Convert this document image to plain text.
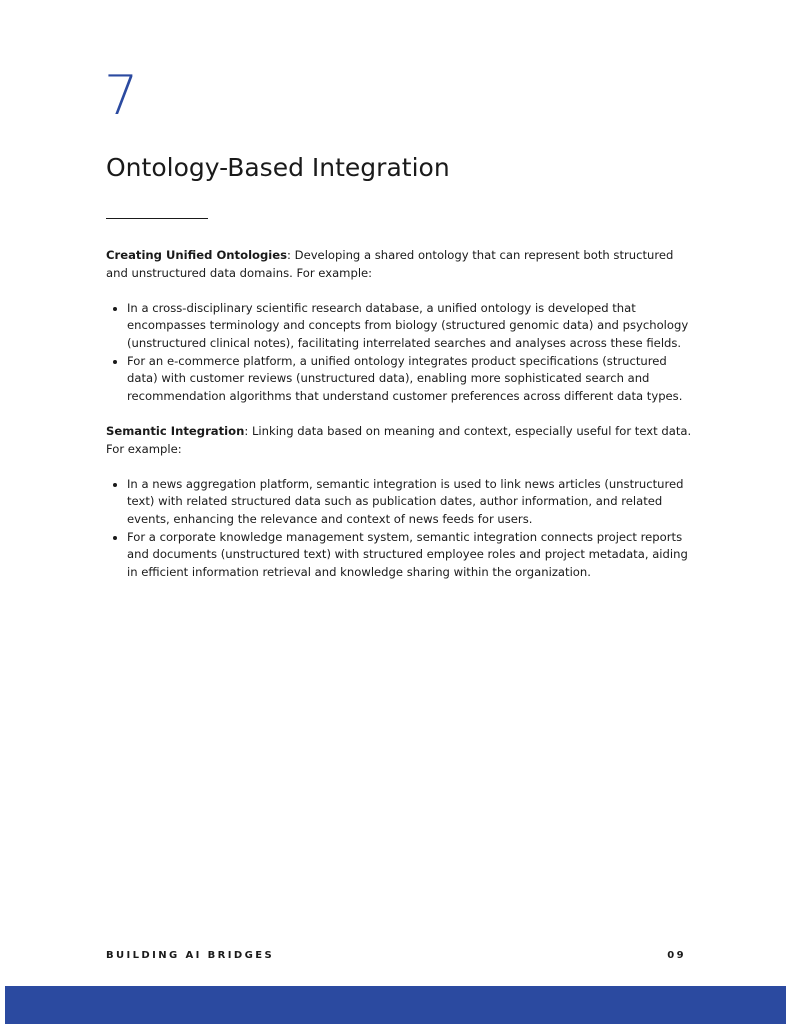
7
Ontology-Based Integration

Creating Unified Ontologies: Developing a shared ontology that can represent both structured and unstructured data domains. For example:

• In a cross-disciplinary scientific research database, a unified ontology is developed that encompasses terminology and concepts from biology (structured genomic data) and psychology (unstructured clinical notes), facilitating interrelated searches and analyses across these fields.
• For an e-commerce platform, a unified ontology integrates product specifications (structured data) with customer reviews (unstructured data), enabling more sophisticated search and recommendation algorithms that understand customer preferences across different data types.

Semantic Integration: Linking data based on meaning and context, especially useful for text data. For example:

• In a news aggregation platform, semantic integration is used to link news articles (unstructured text) with related structured data such as publication dates, author information, and related events, enhancing the relevance and context of news feeds for users.
• For a corporate knowledge management system, semantic integration connects project reports and documents (unstructured text) with structured employee roles and project metadata, aiding in efficient information retrieval and knowledge sharing within the organization.
BUILDING AI BRIDGES	09
